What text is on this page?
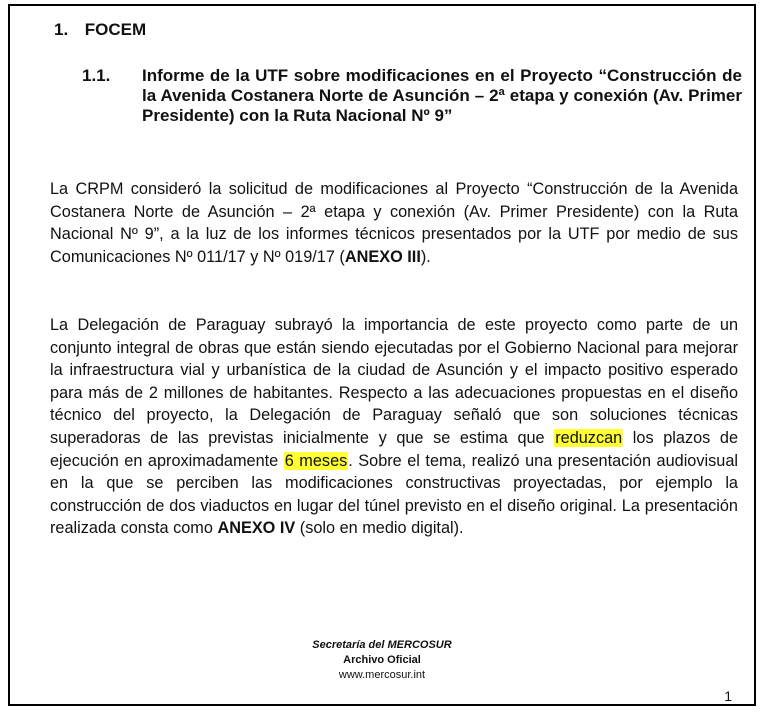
1. FOCEM
1.1. Informe de la UTF sobre modificaciones en el Proyecto “Construcción de la Avenida Costanera Norte de Asunción – 2ª etapa y conexión (Av. Primer Presidente) con la Ruta Nacional Nº 9”
La CRPM consideró la solicitud de modificaciones al Proyecto “Construcción de la Avenida Costanera Norte de Asunción – 2ª etapa y conexión (Av. Primer Presidente) con la Ruta Nacional Nº 9”, a la luz de los informes técnicos presentados por la UTF por medio de sus Comunicaciones Nº 011/17 y Nº 019/17 (ANEXO III).
La Delegación de Paraguay subrayó la importancia de este proyecto como parte de un conjunto integral de obras que están siendo ejecutadas por el Gobierno Nacional para mejorar la infraestructura vial y urbanística de la ciudad de Asunción y el impacto positivo esperado para más de 2 millones de habitantes. Respecto a las adecuaciones propuestas en el diseño técnico del proyecto, la Delegación de Paraguay señaló que son soluciones técnicas superadoras de las previstas inicialmente y que se estima que reduzcan los plazos de ejecución en aproximadamente 6 meses. Sobre el tema, realizó una presentación audiovisual en la que se perciben las modificaciones constructivas proyectadas, por ejemplo la construcción de dos viaductos en lugar del túnel previsto en el diseño original. La presentación realizada consta como ANEXO IV (solo en medio digital).
Secretaría del MERCOSUR
Archivo Oficial
www.mercosur.int
1
